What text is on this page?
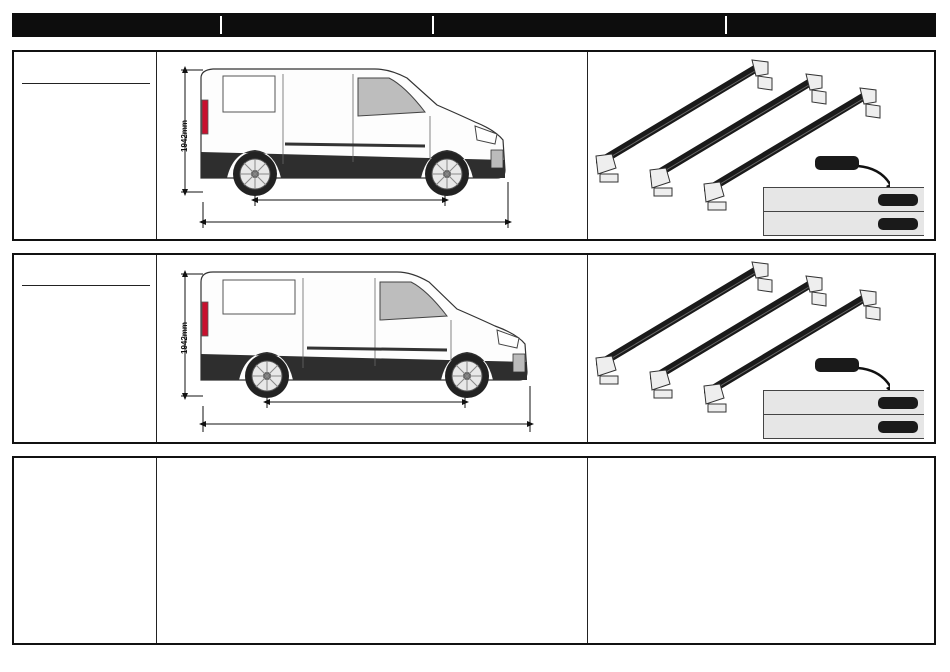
1942mm
1942mm
